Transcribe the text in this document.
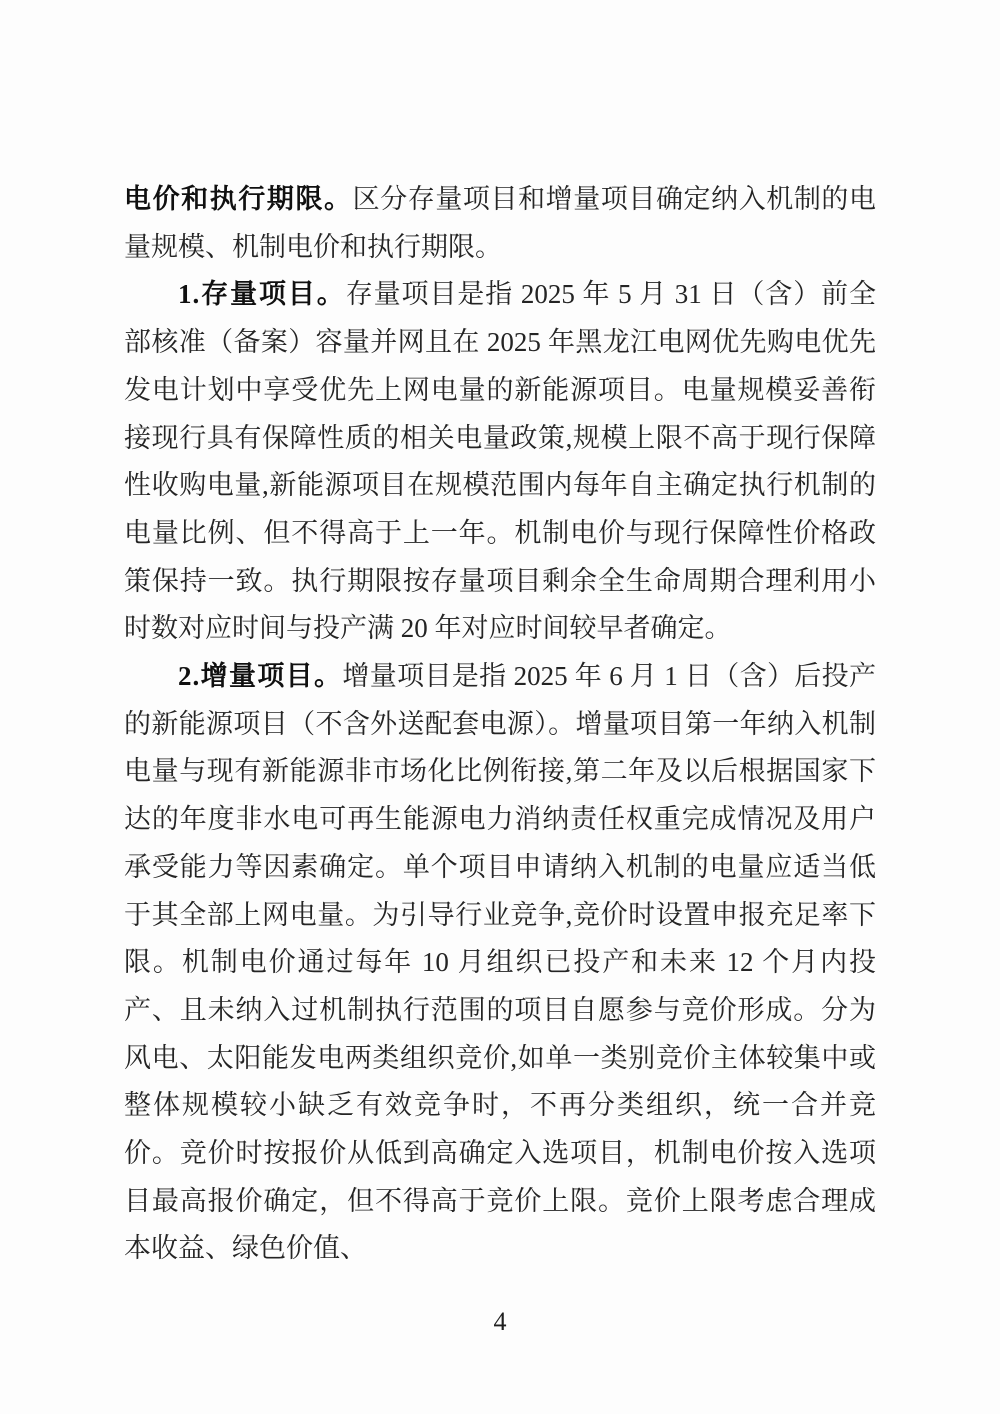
电价和执行期限。区分存量项目和增量项目确定纳入机制的电量规模、机制电价和执行期限。

1.存量项目。存量项目是指 2025 年 5 月 31 日（含）前全部核准（备案）容量并网且在 2025 年黑龙江电网优先购电优先发电计划中享受优先上网电量的新能源项目。电量规模妥善衔接现行具有保障性质的相关电量政策,规模上限不高于现行保障性收购电量,新能源项目在规模范围内每年自主确定执行机制的电量比例、但不得高于上一年。机制电价与现行保障性价格政策保持一致。执行期限按存量项目剩余全生命周期合理利用小时数对应时间与投产满 20 年对应时间较早者确定。

2.增量项目。增量项目是指 2025 年 6 月 1 日（含）后投产的新能源项目（不含外送配套电源）。增量项目第一年纳入机制电量与现有新能源非市场化比例衔接,第二年及以后根据国家下达的年度非水电可再生能源电力消纳责任权重完成情况及用户承受能力等因素确定。单个项目申请纳入机制的电量应适当低于其全部上网电量。为引导行业竞争,竞价时设置申报充足率下限。机制电价通过每年 10 月组织已投产和未来 12 个月内投产、且未纳入过机制执行范围的项目自愿参与竞价形成。分为风电、太阳能发电两类组织竞价,如单一类别竞价主体较集中或整体规模较小缺乏有效竞争时，不再分类组织，统一合并竞价。竞价时按报价从低到高确定入选项目，机制电价按入选项目最高报价确定，但不得高于竞价上限。竞价上限考虑合理成本收益、绿色价值、

4
